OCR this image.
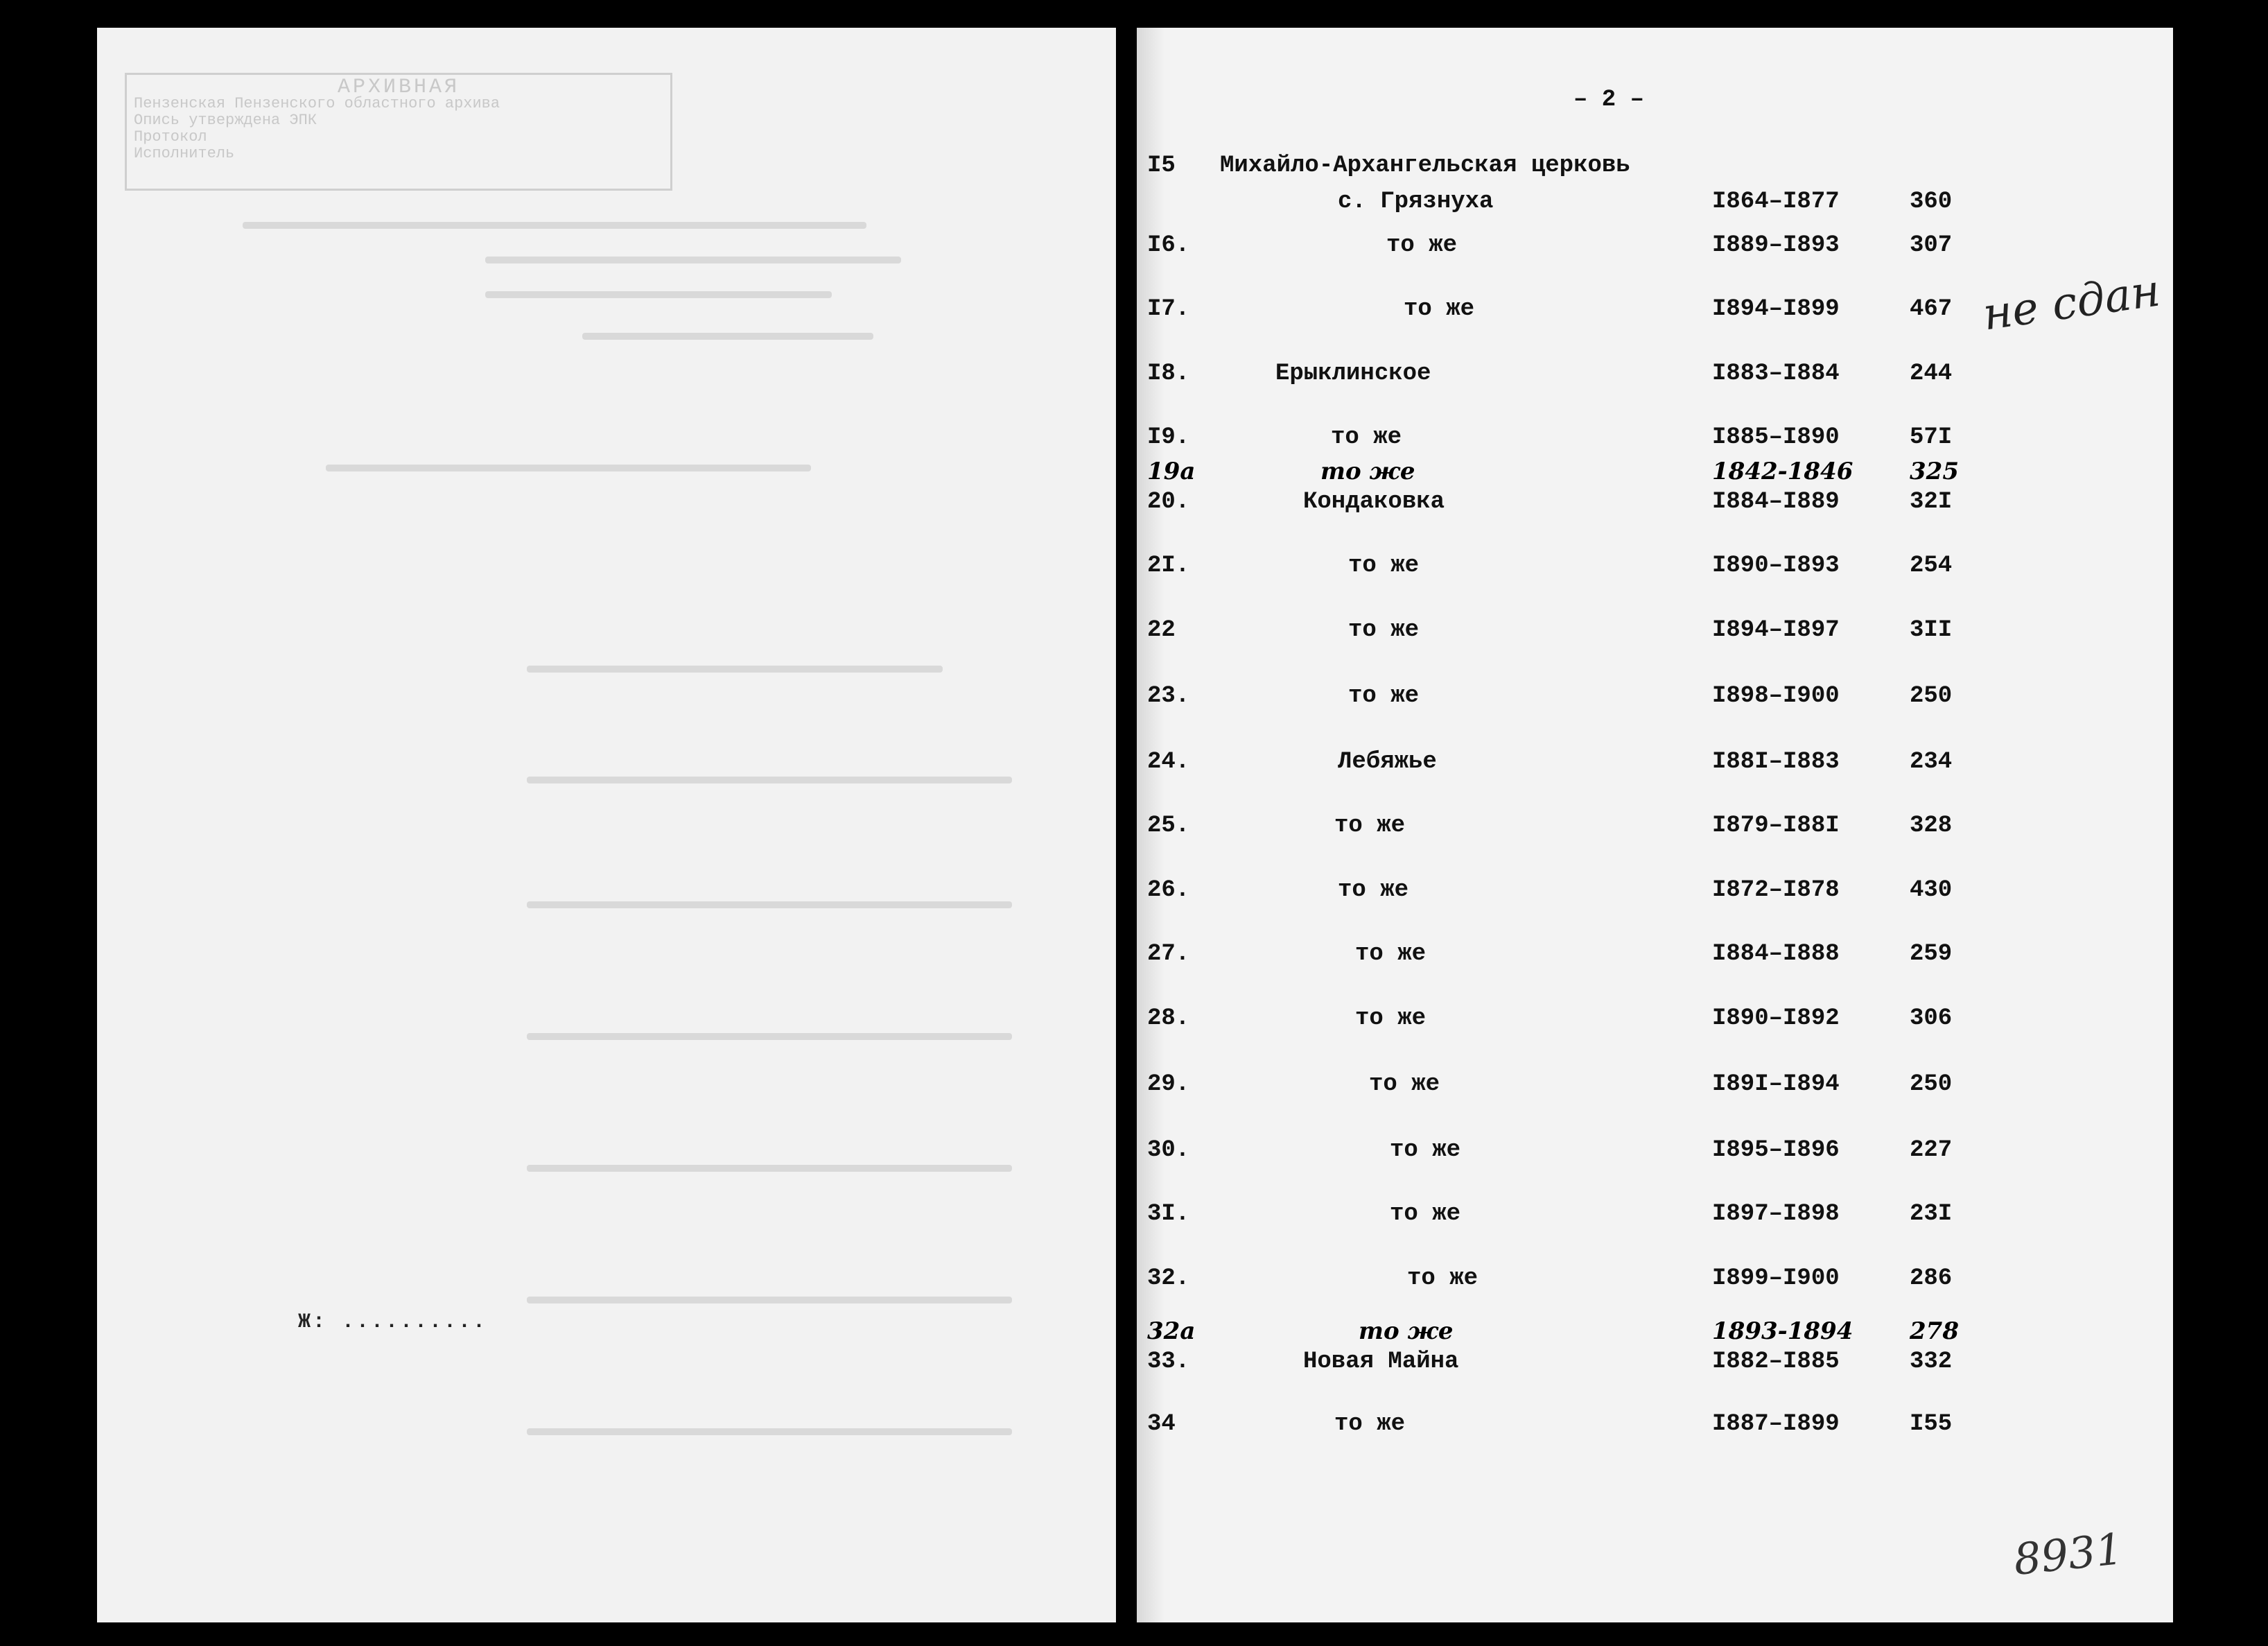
АРХИВНАЯ
Пензенская Пензенского областного архива
Опись утверждена ЭПК
Протокол
Исполнитель
Ж: ..........
– 2 –
I5 Михайло-Архангельская церковь
с. Грязнуха	I864–I877	360
I6.	то же	I889–I893	307
I7.	то же	I894–I899	467
I8.	Ерыклинское	I883–I884	244
I9.	то же	I885–I890	57I
19а	то же	1842-1846 325
20.	Кондаковка	I884–I889	32I
2I.	то же	I890–I893	254
22	то же	I894–I897	3II
23.	то же	I898–I900	250
24.	Лебяжье	I88I–I883	234
25.	то же	I879–I88I	328
26.	то же	I872–I878	430
27.	то же	I884–I888	259
28.	то же	I890–I892	306
29.	то же	I89I–I894	250
30.	то же	I895–I896	227
3I.	то же	I897–I898	23I
32.	то же	I899–I900	286
32а	то же	1893-1894 278
33.	Новая Майна	I882–I885	332
34	то же	I887–I899	I55
не сдан
8931
